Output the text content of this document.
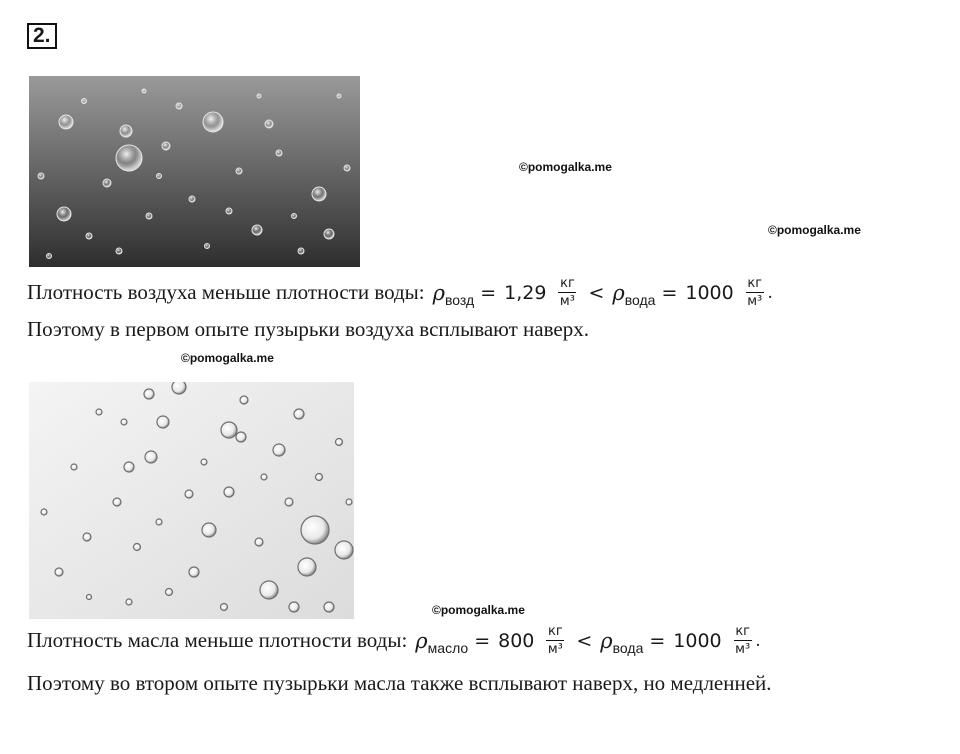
2.
©pomogalka.me
©pomogalka.me
Плотность воздуха меньше плотности воды: ρ возд = $1,29 \frac{кг}{\text{м³}} < \rho$ вода = $1000 \frac{кг}{\text{м³}}$ .
Поэтому в первом опыте пузырьки воздуха всплывают наверх.
©pomogalka.me
©pomogalka.me
Плотность масла меньше плотности воды: ρ масло = $800 \frac{кг}{\text{м³}} < \rho$ вода = $1000 \frac{кг}{\text{м³}}$ .
Поэтому во втором опыте пузырьки масла также всплывают наверх, но медленней.
